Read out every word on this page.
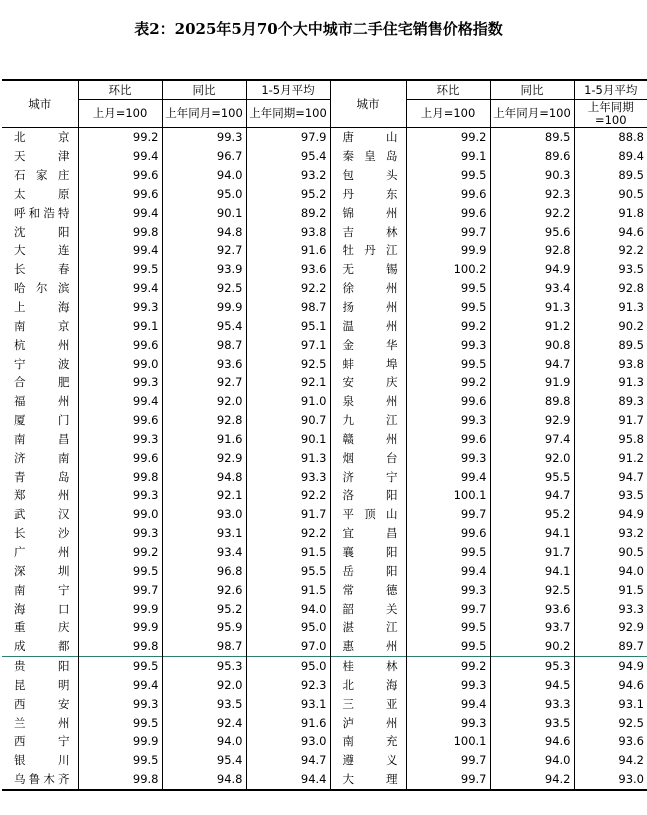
表2：2025年5月70个大中城市二手住宅销售价格指数
城市	环比	同比	1-5月平均	城市	环比	同比	1-5月平均
	上月=100	上年同月=100	上年同期=100		上月=100	上年同月=100	上年同期=100

北 京	99.2	99.3	97.9	唐 山	99.2	89.5	88.8

天 津	99.4	96.7	95.4	秦 皇 岛	99.1	89.6	89.4

石 家 庄	99.6	94.0	93.2	包 头	99.5	90.3	89.5

太 原	99.6	95.0	95.2	丹 东	99.6	92.3	90.5

呼 和 浩 特	99.4	90.1	89.2	锦 州	99.6	92.2	91.8

沈 阳	99.8	94.8	93.8	吉 林	99.7	95.6	94.6

大 连	99.4	92.7	91.6	牡 丹 江	99.9	92.8	92.2

长 春	99.5	93.9	93.6	无 锡	100.2	94.9	93.5

哈 尔 滨	99.4	92.5	92.2	徐 州	99.5	93.4	92.8

上 海	99.3	99.9	98.7	扬 州	99.5	91.3	91.3

南 京	99.1	95.4	95.1	温 州	99.2	91.2	90.2

杭 州	99.6	98.7	97.1	金 华	99.3	90.8	89.5

宁 波	99.0	93.6	92.5	蚌 埠	99.5	94.7	93.8

合 肥	99.3	92.7	92.1	安 庆	99.2	91.9	91.3

福 州	99.4	92.0	91.0	泉 州	99.6	89.8	89.3

厦 门	99.6	92.8	90.7	九 江	99.3	92.9	91.7

南 昌	99.3	91.6	90.1	赣 州	99.6	97.4	95.8

济 南	99.6	92.9	91.3	烟 台	99.3	92.0	91.2

青 岛	99.8	94.8	93.3	济 宁	99.4	95.5	94.7

郑 州	99.3	92.1	92.2	洛 阳	100.1	94.7	93.5

武 汉	99.0	93.0	91.7	平 顶 山	99.7	95.2	94.9

长 沙	99.3	93.1	92.2	宜 昌	99.6	94.1	93.2

广 州	99.2	93.4	91.5	襄 阳	99.5	91.7	90.5

深 圳	99.5	96.8	95.5	岳 阳	99.4	94.1	94.0

南 宁	99.7	92.6	91.5	常 德	99.3	92.5	91.5

海 口	99.9	95.2	94.0	韶 关	99.7	93.6	93.3

重 庆	99.9	95.9	95.0	湛 江	99.5	93.7	92.9

成 都	99.8	98.7	97.0	惠 州	99.5	90.2	89.7

贵 阳	99.5	95.3	95.0	桂 林	99.2	95.3	94.9

昆 明	99.4	92.0	92.3	北 海	99.3	94.5	94.6

西 安	99.3	93.5	93.1	三 亚	99.4	93.3	93.1

兰 州	99.5	92.4	91.6	泸 州	99.3	93.5	92.5

西 宁	99.9	94.0	93.0	南 充	100.1	94.6	93.6

银 川	99.5	95.4	94.7	遵 义	99.7	94.0	94.2

乌 鲁 木 齐	99.8	94.8	94.4	大 理	99.7	94.2	93.0
